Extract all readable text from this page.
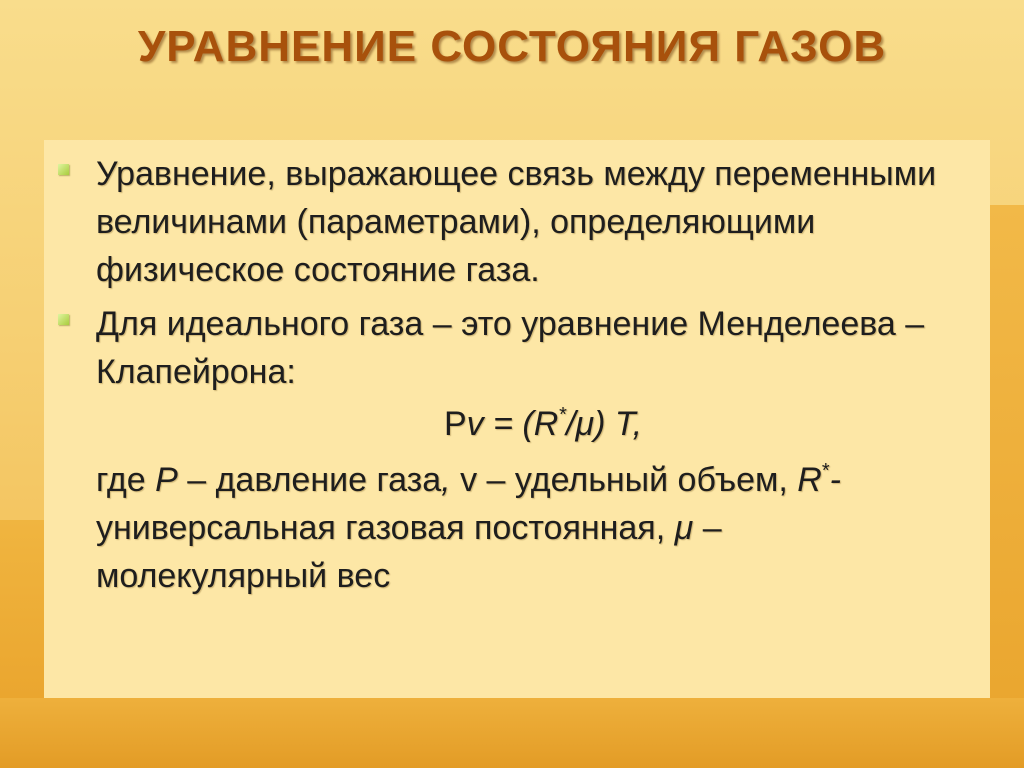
УРАВНЕНИЕ СОСТОЯНИЯ ГАЗОВ
Уравнение, выражающее связь между переменными величинами (параметрами), определяющими физическое состояние газа.
Для идеального газа – это уравнение Менделеева – Клапейрона:
Pv = (R*/μ) T,
где P – давление газа, v – удельный объем, R*- универсальная газовая постоянная, μ – молекулярный вес
